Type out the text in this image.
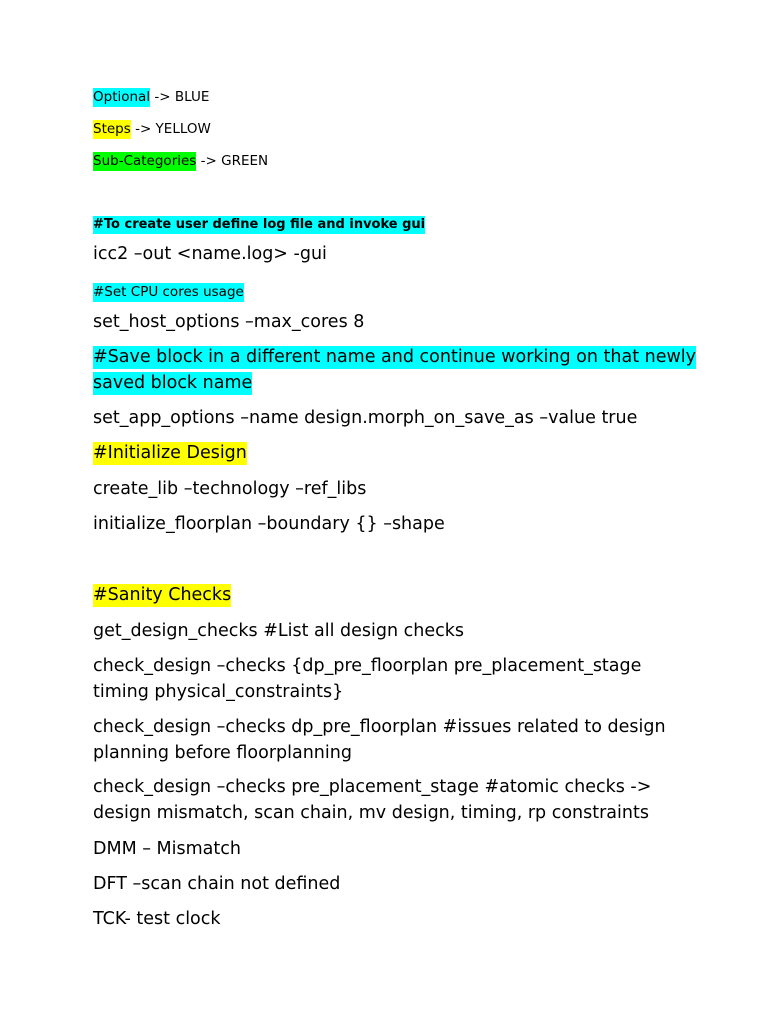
Optional -> BLUE
Steps -> YELLOW
Sub-Categories -> GREEN
#To create user define log file and invoke gui
icc2 –out <name.log> -gui
#Set CPU cores usage
set_host_options –max_cores 8
#Save block in a different name and continue working on that newly
saved block name
set_app_options –name design.morph_on_save_as –value true
#Initialize Design
create_lib –technology –ref_libs
initialize_floorplan –boundary {} –shape
#Sanity Checks
get_design_checks #List all design checks
check_design –checks {dp_pre_floorplan pre_placement_stage
timing physical_constraints}
check_design –checks dp_pre_floorplan #issues related to design
planning before floorplanning
check_design –checks pre_placement_stage #atomic checks ->
design mismatch, scan chain, mv design, timing, rp constraints
DMM – Mismatch
DFT –scan chain not defined
TCK- test clock
